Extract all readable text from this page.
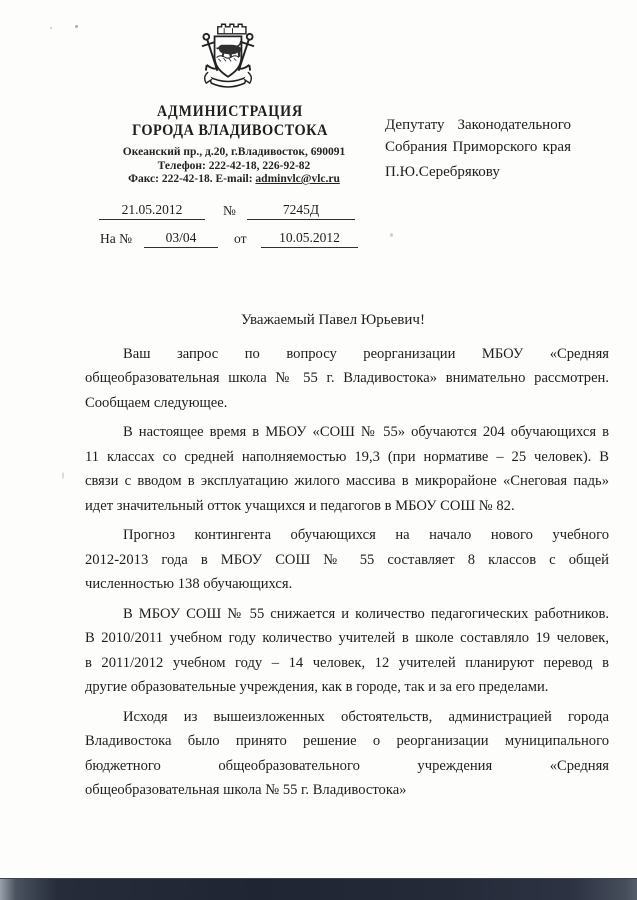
АДМИНИСТРАЦИЯ
ГОРОДА ВЛАДИВОСТОКА
Океанский пр., д.20, г.Владивосток, 690091
Телефон: 222-42-18, 226-92-82
Факс: 222-42-18. E-mail: adminvlc@vlc.ru
Депутату Законодательного
Собрания Приморского края
П.Ю.Серебрякову
21.05.2012	№	7245Д
На №	03/04	от	10.05.2012
Уважаемый Павел Юрьевич!
Ваш запрос по вопросу реорганизации МБОУ «Средняя
общеобразовательная школа № 55 г. Владивостока» внимательно рассмотрен.
Сообщаем следующее.
В настоящее время в МБОУ «СОШ № 55» обучаются 204 обучающихся в
11 классах со средней наполняемостью 19,3 (при нормативе – 25 человек). В
связи с вводом в эксплуатацию жилого массива в микрорайоне «Снеговая падь»
идет значительный отток учащихся и педагогов в МБОУ СОШ № 82.
Прогноз контингента обучающихся на начало нового учебного
2012-2013 года в МБОУ СОШ № 55 составляет 8 классов с общей
численностью 138 обучающихся.
В МБОУ СОШ № 55 снижается и количество педагогических работников.
В 2010/2011 учебном году количество учителей в школе составляло 19 человек,
в 2011/2012 учебном году – 14 человек, 12 учителей планируют перевод в
другие образовательные учреждения, как в городе, так и за его пределами.
Исходя из вышеизложенных обстоятельств, администрацией города
Владивостока было принято решение о реорганизации муниципального
бюджетного общеобразовательного учреждения «Средняя
общеобразовательная школа № 55 г. Владивостока»
